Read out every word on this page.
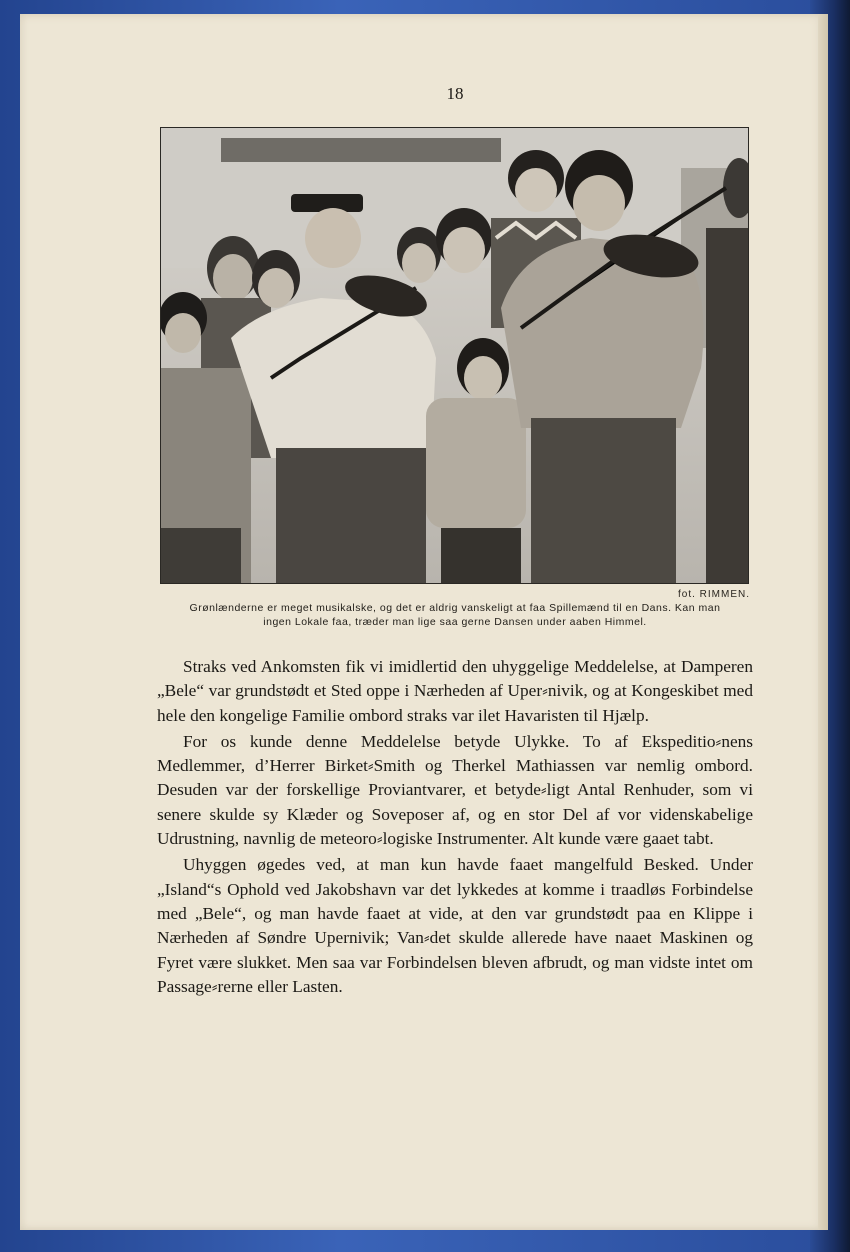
18
fot. RIMMEN.

Grønlænderne er meget musikalske, og det er aldrig vanskeligt at faa Spillemænd til en Dans. Kan man

ingen Lokale faa, træder man lige saa gerne Dansen under aaben Himmel.

Straks ved Ankomsten fik vi imidlertid den uhyggelige Meddelelse, at Damperen „Bele“ var grundstødt et Sted oppe i Nærheden af Uper⸗nivik, og at Kongeskibet med hele den kongelige Familie ombord straks var ilet Havaristen til Hjælp.

For os kunde denne Meddelelse betyde Ulykke. To af Ekspeditio⸗nens Medlemmer, d’Herrer Birket⸗Smith og Therkel Mathiassen var nemlig ombord. Desuden var der forskellige Proviantvarer, et betyde⸗ligt Antal Renhuder, som vi senere skulde sy Klæder og Soveposer af, og en stor Del af vor videnskabelige Udrustning, navnlig de meteoro⸗logiske Instrumenter. Alt kunde være gaaet tabt.

Uhyggen øgedes ved, at man kun havde faaet mangelfuld Besked. Under „Island“s Ophold ved Jakobshavn var det lykkedes at komme i traadløs Forbindelse med „Bele“, og man havde faaet at vide, at den var grundstødt paa en Klippe i Nærheden af Søndre Upernivik; Van⸗det skulde allerede have naaet Maskinen og Fyret være slukket. Men saa var Forbindelsen bleven afbrudt, og man vidste intet om Passage⸗rerne eller Lasten.
